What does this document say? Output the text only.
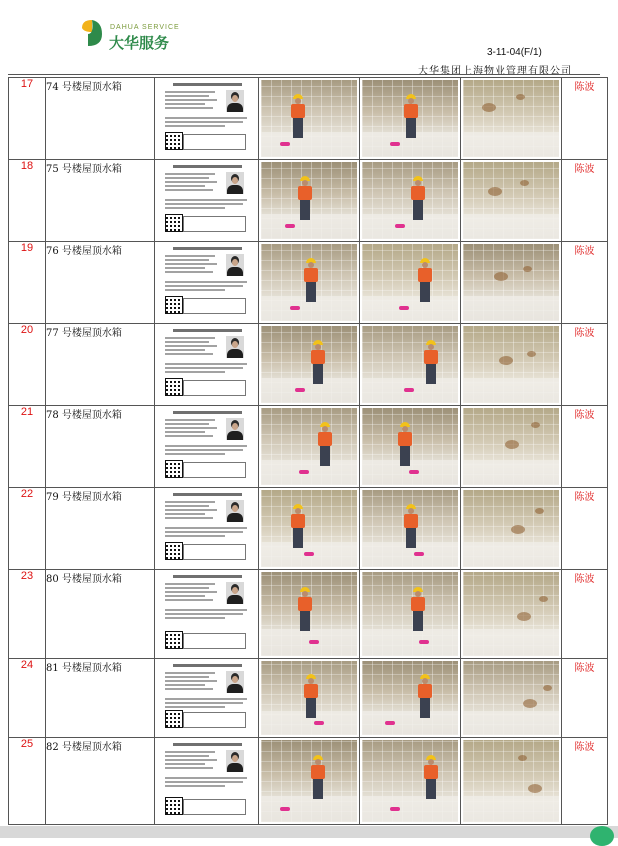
DAHUA SERVICE
大华服务
3-11-04(F/1)
大华集团上海物业管理有限公司
17	74 号楼屋顶水箱					陈波
18	75 号楼屋顶水箱					陈波
19	76 号楼屋顶水箱					陈波
20	77 号楼屋顶水箱					陈波
21	78 号楼屋顶水箱					陈波
22	79 号楼屋顶水箱					陈波
23	80 号楼屋顶水箱					陈波
24	81 号楼屋顶水箱					陈波
25	82 号楼屋顶水箱					陈波
